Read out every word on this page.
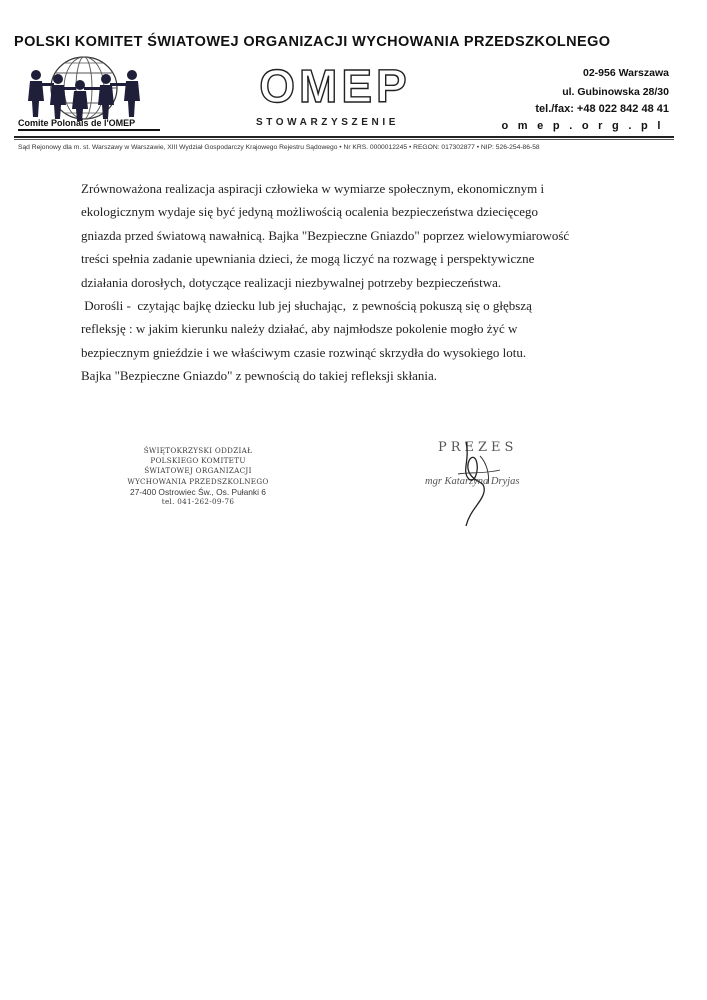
POLSKI KOMITET ŚWIATOWEJ ORGANIZACJI WYCHOWANIA PRZEDSZKOLNEGO
Comite Polonais de l'OMEP
OMEP
STOWARZYSZENIE
02-956 Warszawa
ul. Gubinowska 28/30
tel./fax: +48 022 842 48 41
omep.org.pl
Sąd Rejonowy dla m. st. Warszawy w Warszawie, XIII Wydział Gospodarczy Krajowego Rejestru Sądowego • Nr KRS. 0000012245 • REGON: 017302877 • NIP: 526-254-86-58
Zrównoważona realizacja aspiracji człowieka w wymiarze społecznym, ekonomicznym i
ekologicznym wydaje się być jedyną możliwością ocalenia bezpieczeństwa dziecięcego
gniazda przed światową nawałnicą. Bajka "Bezpieczne Gniazdo" poprzez wielowymiarowość
treści spełnia zadanie upewniania dzieci, że mogą liczyć na rozwagę i perspektywiczne
działania dorosłych, dotyczące realizacji niezbywalnej potrzeby bezpieczeństwa.
Dorośli -  czytając bajkę dziecku lub jej słuchając,  z pewnością pokuszą się o głębszą
refleksję : w jakim kierunku należy działać, aby najmłodsze pokolenie mogło żyć w
bezpiecznym gnieździe i we właściwym czasie rozwinąć skrzydła do wysokiego lotu.
Bajka "Bezpieczne Gniazdo" z pewnością do takiej refleksji skłania.
ŚWIĘTOKRZYSKI ODDZIAŁ
POLSKIEGO KOMITETU
ŚWIATOWEJ ORGANIZACJI
WYCHOWANIA PRZEDSZKOLNEGO
27-400 Ostrowiec Św., Os. Pułanki 6
tel. 041-262-09-76
PREZES
mgr Katarzyna Dryjas
